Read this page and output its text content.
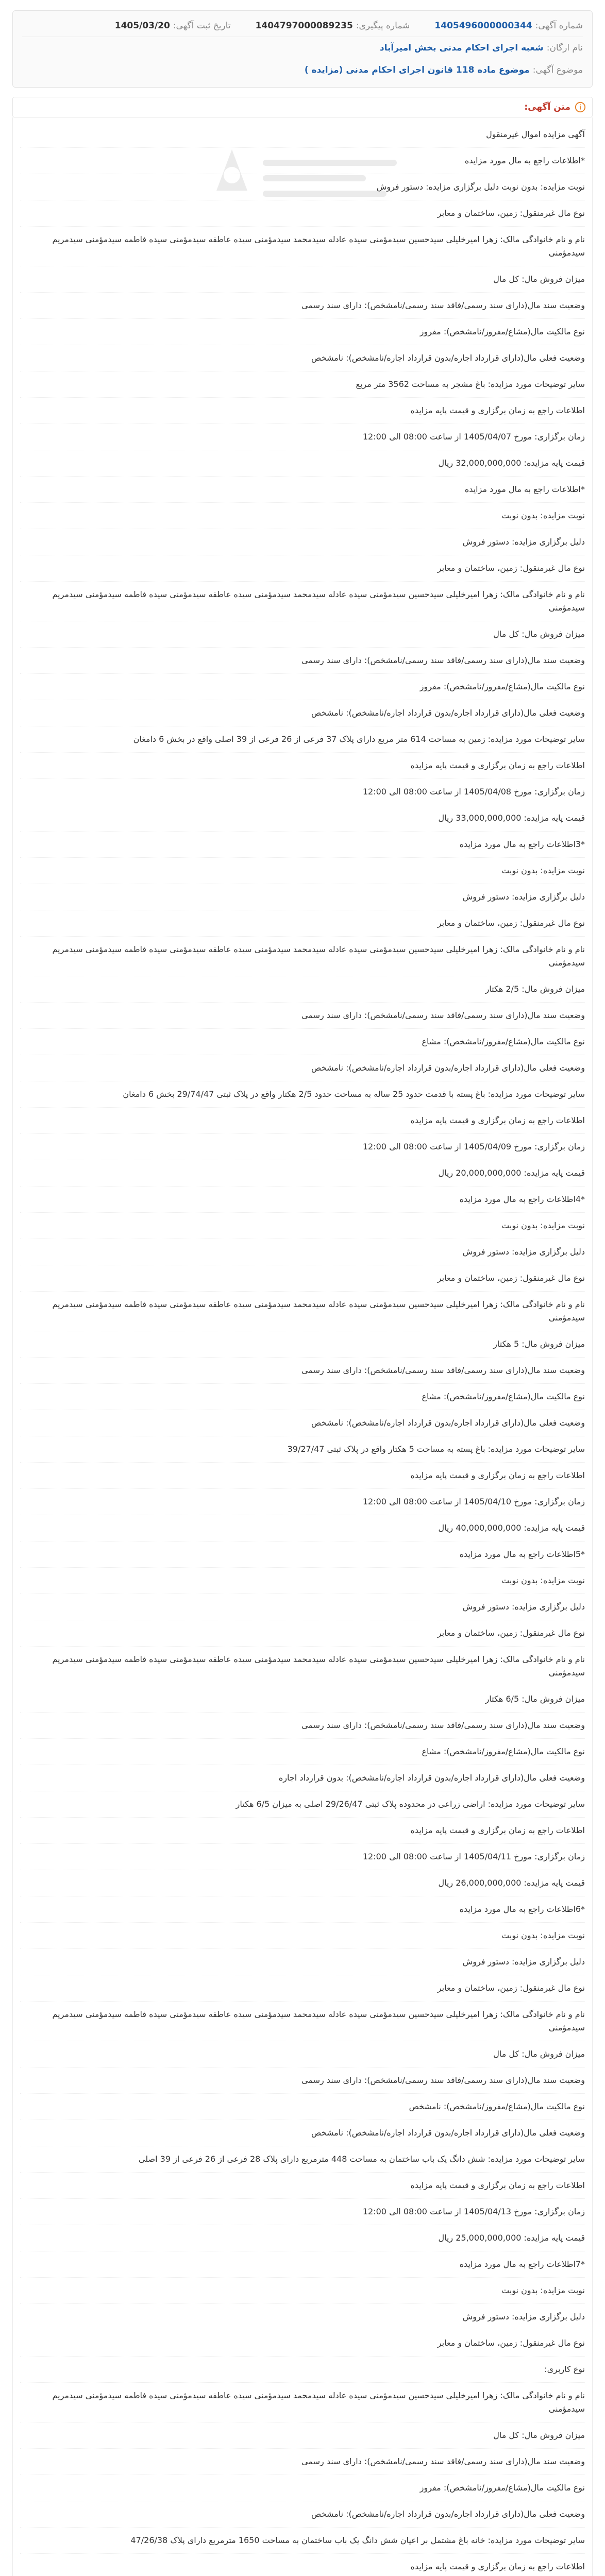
شماره آگهی:
1405496000000344
شماره پیگیری:
1404797000089235
تاریخ ثبت آگهی:
1405/03/20
نام ارگان:
شعبه اجرای احکام مدنی بخش امیرآباد
موضوع آگهی:
موضوع ماده 118 قانون اجرای احکام مدنی (مزایده )
متن آگهی:
آگهی مزایده اموال غیرمنقول
*اطلاعات راجع به مال مورد مزایده
نوبت مزایده: بدون نوبت دلیل برگزاری مزایده: دستور فروش
نوع مال غیرمنقول: زمین، ساختمان و معابر
نام و نام خانوادگی مالک: زهرا امیرخلیلی سیدحسین سیدمؤمنی سیده عادله سیدمحمد سیدمؤمنی سیده عاطفه سیدمؤمنی سیده فاطمه سیدمؤمنی سیدمریم سیدمؤمنی
میزان فروش مال: کل مال
وضعیت سند مال(دارای سند رسمی/فاقد سند رسمی/نامشخص): دارای سند رسمی
نوع مالکیت مال(مشاع/مفروز/نامشخص): مفروز
وضعیت فعلی مال(دارای قرارداد اجاره/بدون قرارداد اجاره/نامشخص): نامشخص
سایر توضیحات مورد مزایده: باغ مشجر به مساحت 3562 متر مربع
اطلاعات راجع به زمان برگزاری و قیمت پایه مزایده
زمان برگزاری: مورخ 1405/04/07 از ساعت 08:00 الی 12:00
قیمت پایه مزایده: 32,000,000,000 ریال
*اطلاعات راجع به مال مورد مزایده
نوبت مزایده: بدون نوبت
دلیل برگزاری مزایده: دستور فروش
نوع مال غیرمنقول: زمین، ساختمان و معابر
نام و نام خانوادگی مالک: زهرا امیرخلیلی سیدحسین سیدمؤمنی سیده عادله سیدمحمد سیدمؤمنی سیده عاطفه سیدمؤمنی سیده فاطمه سیدمؤمنی سیدمریم سیدمؤمنی
میزان فروش مال: کل مال
وضعیت سند مال(دارای سند رسمی/فاقد سند رسمی/نامشخص): دارای سند رسمی
نوع مالکیت مال(مشاع/مفروز/نامشخص): مفروز
وضعیت فعلی مال(دارای قرارداد اجاره/بدون قرارداد اجاره/نامشخص): نامشخص
سایر توضیحات مورد مزایده: زمین به مساحت 614 متر مربع دارای پلاک 37 فرعی از 26 فرعی از 39 اصلی واقع در بخش 6 دامغان
اطلاعات راجع به زمان برگزاری و قیمت پایه مزایده
زمان برگزاری: مورخ 1405/04/08 از ساعت 08:00 الی 12:00
قیمت پایه مزایده: 33,000,000,000 ریال
*3اطلاعات راجع به مال مورد مزایده
نوبت مزایده: بدون نوبت
دلیل برگزاری مزایده: دستور فروش
نوع مال غیرمنقول: زمین، ساختمان و معابر
نام و نام خانوادگی مالک: زهرا امیرخلیلی سیدحسین سیدمؤمنی سیده عادله سیدمحمد سیدمؤمنی سیده عاطفه سیدمؤمنی سیده فاطمه سیدمؤمنی سیدمریم سیدمؤمنی
میزان فروش مال: 2/5 هکتار
وضعیت سند مال(دارای سند رسمی/فاقد سند رسمی/نامشخص): دارای سند رسمی
نوع مالکیت مال(مشاع/مفروز/نامشخص): مشاع
وضعیت فعلی مال(دارای قرارداد اجاره/بدون قرارداد اجاره/نامشخص): نامشخص
سایر توضیحات مورد مزایده: باغ پسته با قدمت حدود 25 ساله به مساحت حدود 2/5 هکتار واقع در پلاک ثبتی 29/74/47 بخش 6 دامغان
اطلاعات راجع به زمان برگزاری و قیمت پایه مزایده
زمان برگزاری: مورخ 1405/04/09 از ساعت 08:00 الی 12:00
قیمت پایه مزایده: 20,000,000,000 ریال
*4اطلاعات راجع به مال مورد مزایده
نوبت مزایده: بدون نوبت
دلیل برگزاری مزایده: دستور فروش
نوع مال غیرمنقول: زمین، ساختمان و معابر
نام و نام خانوادگی مالک: زهرا امیرخلیلی سیدحسین سیدمؤمنی سیده عادله سیدمحمد سیدمؤمنی سیده عاطفه سیدمؤمنی سیده فاطمه سیدمؤمنی سیدمریم سیدمؤمنی
میزان فروش مال: 5 هکتار
وضعیت سند مال(دارای سند رسمی/فاقد سند رسمی/نامشخص): دارای سند رسمی
نوع مالکیت مال(مشاع/مفروز/نامشخص): مشاع
وضعیت فعلی مال(دارای قرارداد اجاره/بدون قرارداد اجاره/نامشخص): نامشخص
سایر توضیحات مورد مزایده: باغ پسته به مساحت 5 هکتار واقع در پلاک ثبتی 39/27/47
اطلاعات راجع به زمان برگزاری و قیمت پایه مزایده
زمان برگزاری: مورخ 1405/04/10 از ساعت 08:00 الی 12:00
قیمت پایه مزایده: 40,000,000,000 ریال
*5اطلاعات راجع به مال مورد مزایده
نوبت مزایده: بدون نوبت
دلیل برگزاری مزایده: دستور فروش
نوع مال غیرمنقول: زمین، ساختمان و معابر
نام و نام خانوادگی مالک: زهرا امیرخلیلی سیدحسین سیدمؤمنی سیده عادله سیدمحمد سیدمؤمنی سیده عاطفه سیدمؤمنی سیده فاطمه سیدمؤمنی سیدمریم سیدمؤمنی
میزان فروش مال: 6/5 هکتار
وضعیت سند مال(دارای سند رسمی/فاقد سند رسمی/نامشخص): دارای سند رسمی
نوع مالکیت مال(مشاع/مفروز/نامشخص): مشاع
وضعیت فعلی مال(دارای قرارداد اجاره/بدون قرارداد اجاره/نامشخص): بدون قرارداد اجاره
سایر توضیحات مورد مزایده: اراضی زراعی در محدوده پلاک ثبتی 29/26/47 اصلی به میزان 6/5 هکتار
اطلاعات راجع به زمان برگزاری و قیمت پایه مزایده
زمان برگزاری: مورخ 1405/04/11 از ساعت 08:00 الی 12:00
قیمت پایه مزایده: 26,000,000,000 ریال
*6اطلاعات راجع به مال مورد مزایده
نوبت مزایده: بدون نوبت
دلیل برگزاری مزایده: دستور فروش
نوع مال غیرمنقول: زمین، ساختمان و معابر
نام و نام خانوادگی مالک: زهرا امیرخلیلی سیدحسین سیدمؤمنی سیده عادله سیدمحمد سیدمؤمنی سیده عاطفه سیدمؤمنی سیده فاطمه سیدمؤمنی سیدمریم سیدمؤمنی
میزان فروش مال: کل مال
وضعیت سند مال(دارای سند رسمی/فاقد سند رسمی/نامشخص): دارای سند رسمی
نوع مالکیت مال(مشاع/مفروز/نامشخص): نامشخص
وضعیت فعلی مال(دارای قرارداد اجاره/بدون قرارداد اجاره/نامشخص): نامشخص
سایر توضیحات مورد مزایده: شش دانگ یک باب ساختمان به مساحت 448 مترمربع دارای پلاک 28 فرعی از 26 فرعی از 39 اصلی
اطلاعات راجع به زمان برگزاری و قیمت پایه مزایده
زمان برگزاری: مورخ 1405/04/13 از ساعت 08:00 الی 12:00
قیمت پایه مزایده: 25,000,000,000 ریال
*7اطلاعات راجع به مال مورد مزایده
نوبت مزایده: بدون نوبت
دلیل برگزاری مزایده: دستور فروش
نوع مال غیرمنقول: زمین، ساختمان و معابر
نوع کاربری:
نام و نام خانوادگی مالک: زهرا امیرخلیلی سیدحسین سیدمؤمنی سیده عادله سیدمحمد سیدمؤمنی سیده عاطفه سیدمؤمنی سیده فاطمه سیدمؤمنی سیدمریم سیدمؤمنی
میزان فروش مال: کل مال
وضعیت سند مال(دارای سند رسمی/فاقد سند رسمی/نامشخص): دارای سند رسمی
نوع مالکیت مال(مشاع/مفروز/نامشخص): مفروز
وضعیت فعلی مال(دارای قرارداد اجاره/بدون قرارداد اجاره/نامشخص): نامشخص
سایر توضیحات مورد مزایده: خانه باغ مشتمل بر اعیان شش دانگ یک باب ساختمان به مساحت 1650 مترمربع دارای پلاک 47/26/38
اطلاعات راجع به زمان برگزاری و قیمت پایه مزایده
